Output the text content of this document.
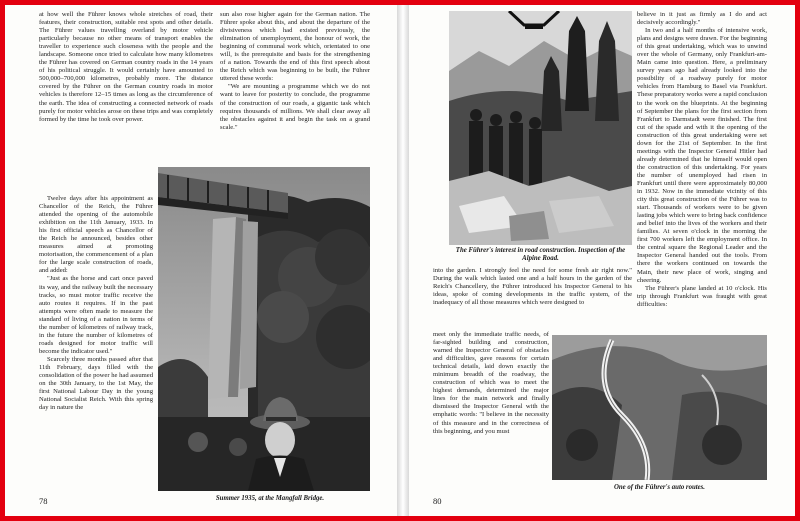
at how well the Führer knows whole stretches of road, their features, their construction, suitable rest spots and other details. The Führer values travelling overland by motor vehicle particularly because no other means of transport enables the traveller to experience such closeness with the people and the landscape. Someone once tried to calculate how many kilometres the Führer has covered on German country roads in the 14 years of his political struggle. It would certainly have amounted to 500,000–700,000 kilometres, probably more. The distance covered by the Führer on the German country roads in motor vehicles is therefore 12–15 times as long as the circumference of the earth. The idea of constructing a connected network of roads purely for motor vehicles arose on these trips and was completely formed by the time he took over power.

sun also rose higher again for the German nation. The Führer spoke about this, and about the departure of the divisiveness which had existed previously, the elimination of unemployment, the honour of work, the beginning of communal work which, orientated to one will, is the prerequisite and basis for the strengthening of a nation. Towards the end of this first speech about the Reich which was beginning to be built, the Führer uttered these words:

"We are mounting a programme which we do not want to leave for posterity to conclude, the programme of the construction of our roads, a gigantic task which requires thousands of millions. We shall clear away all the obstacles against it and begin the task on a grand scale."

Twelve days after his appointment as Chancellor of the Reich, the Führer attended the opening of the automobile exhibition on the 11th January, 1933. In his first official speech as Chancellor of the Reich he announced, besides other measures aimed at promoting motorisation, the commencement of a plan for the large scale construction of roads, and added:

"Just as the horse and cart once paved its way, and the railway built the necessary tracks, so must motor traffic receive the auto routes it requires. If in the past attempts were often made to measure the standard of living of a nation in terms of the number of kilometres of railway track, in the future the number of kilometres of roads designed for motor traffic will become the indicator used."

Scarcely three months passed after that 11th February, days filled with the consolidation of the power he had assumed on the 30th January, to the 1st May, the first National Labour Day in the young National Socialist Reich. With this spring day in nature the

Summer 1935, at the Mangfall Bridge.
78
The Führer's interest in road construction. Inspection of the Alpine Road.

believe in it just as firmly as I do and act decisively accordingly."

In two and a half months of intensive work, plans and designs were drawn. For the beginning of this great undertaking, which was to unwind over the whole of Germany, only Frankfurt-am-Main came into question. Here, a preliminary survey years ago had already looked into the possibility of a roadway purely for motor vehicles from Hamburg to Basel via Frankfurt. These preparatory works were a rapid conclusion to the work on the blueprints. At the beginning of September the plans for the first section from Frankfurt to Darmstadt were finished. The first cut of the spade and with it the opening of the construction of this great undertaking were set down for the 21st of September. In the first meetings with the Inspector General Hitler had already determined that he himself would open the construction of this undertaking. For years the number of unemployed had risen in Frankfurt until there were approximately 80,000 in 1932. Now in the immediate vicinity of this city this great construction of the Führer was to start. Thousands of workers were to be given lasting jobs which were to bring back confidence and belief into the lives of the workers and their families. At seven o'clock in the morning the first 700 workers left the employment office. In the central square the Regional Leader and the Inspector General handed out the tools. From there the workers continued on towards the Main, their new place of work, singing and cheering.

The Führer's plane landed at 10 o'clock. His trip through Frankfurt was fraught with great difficulties:

into the garden. I strongly feel the need for some fresh air right now." During the walk which lasted one and a half hours in the garden of the Reich's Chancellery, the Führer introduced his Inspector General to his ideas, spoke of coming developments in the traffic system, of the inadequacy of all those measures which were designed to

meet only the immediate traffic needs, of far-sighted building and construction, warned the Inspector General of obstacles and difficulties, gave reasons for certain technical details, laid down exactly the minimum breadth of the roadway, the construction of which was to meet the highest demands, determined the major lines for the main network and finally dismissed the Inspector General with the emphatic words: "I believe in the necessity of this measure and in the correctness of this beginning, and you must

One of the Führer's auto routes.
80
